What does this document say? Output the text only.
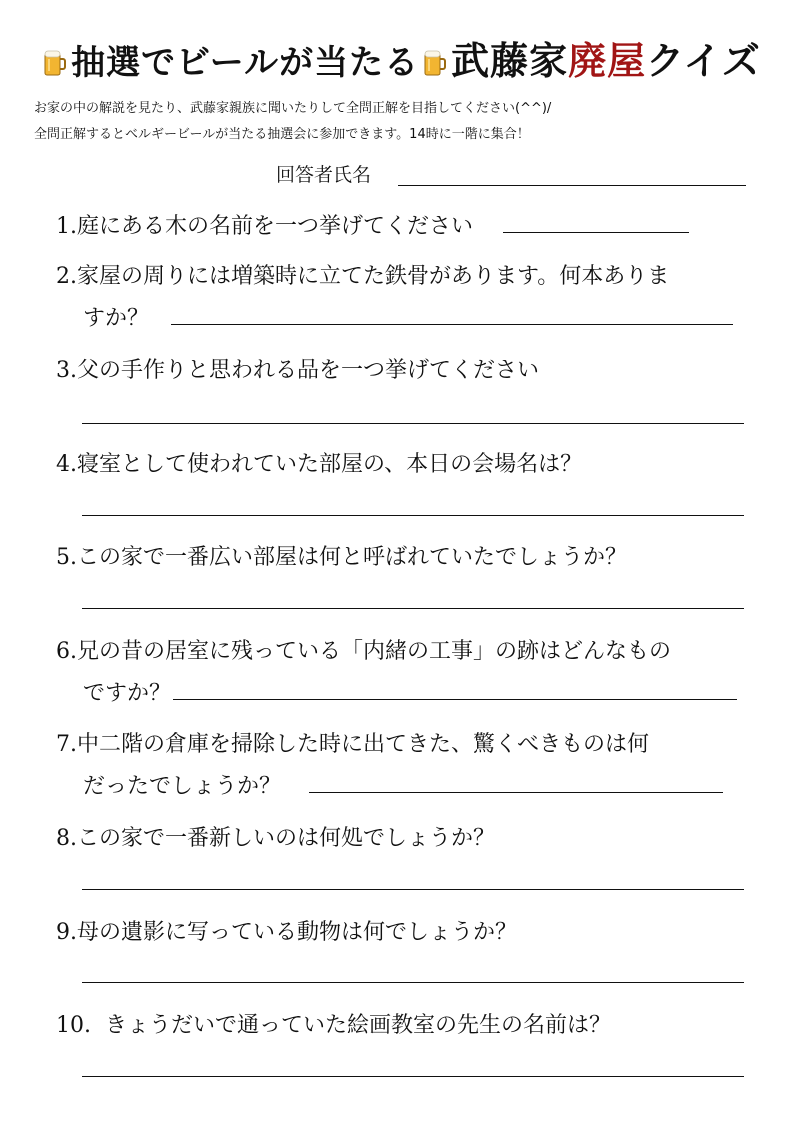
抽選でビールが当たる 武藤家廃屋クイズ
お家の中の解説を見たり、武藤家親族に聞いたりして全問正解を目指してください(^^)/
全問正解するとベルギービールが当たる抽選会に参加できます。14時に一階に集合！
回答者氏名
1.庭にある木の名前を一つ挙げてください
2.家屋の周りには増築時に立てた鉄骨があります。何本ありま
すか？
3.父の手作りと思われる品を一つ挙げてください
4.寝室として使われていた部屋の、本日の会場名は？
5.この家で一番広い部屋は何と呼ばれていたでしょうか？
6.兄の昔の居室に残っている「内緒の工事」の跡はどんなもの
ですか？
7.中二階の倉庫を掃除した時に出てきた、驚くべきものは何
だったでしょうか？
8.この家で一番新しいのは何処でしょうか？
9.母の遺影に写っている動物は何でしょうか？
10. きょうだいで通っていた絵画教室の先生の名前は？
